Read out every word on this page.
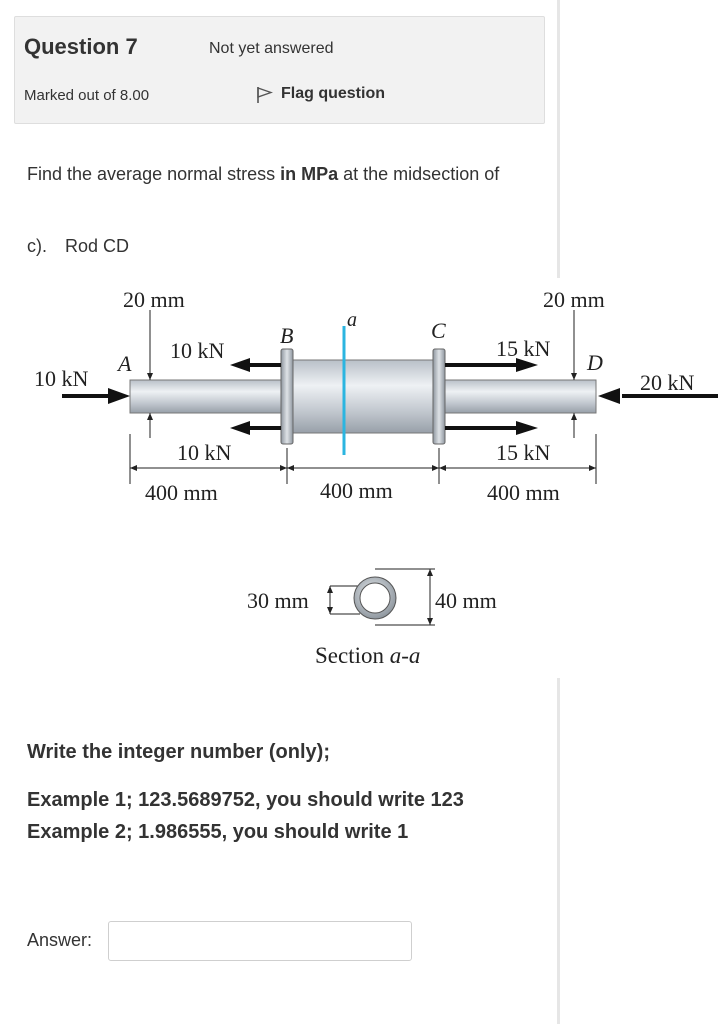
Question 7	Not yet answered
Marked out of 8.00	Flag question
Find the average normal stress in MPa at the midsection of
c). Rod CD
20 mm	20 mm
10 kN
10 kN
10 kN
15 kN
15 kN
20 kN
A
B	C
D
a
400 mm	400 mm	400 mm
30 mm	40 mm
Section a-a
Write the integer number (only);
Example 1; 123.5689752, you should write 123
Example 2; 1.986555, you should write 1
Answer:
